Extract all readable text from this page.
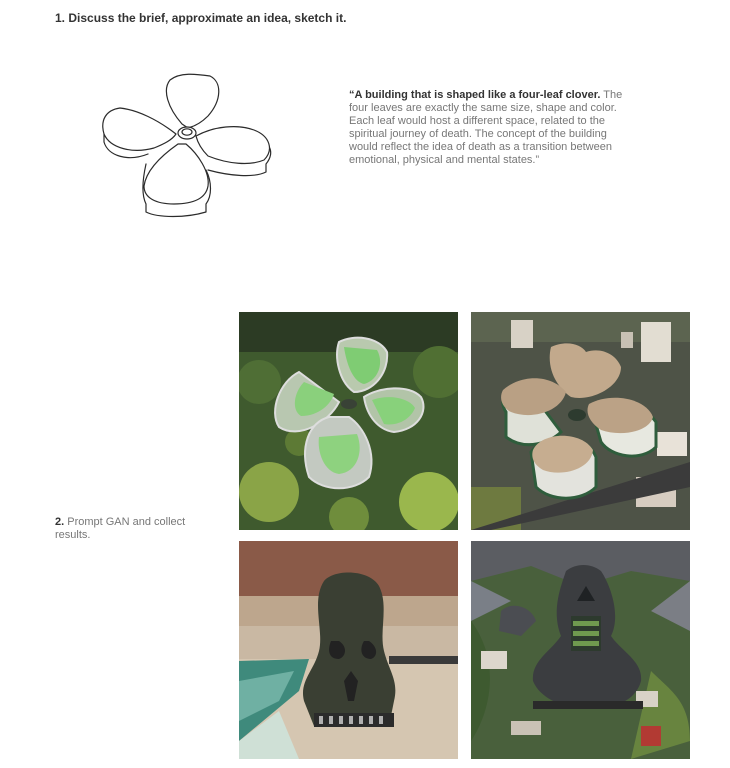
1. Discuss the brief, approximate an idea, sketch it.

“A building that is shaped like a four-leaf clover. The four leaves are exactly the same size, shape and color. Each leaf would host a different space, related to the spiritual journey of death. The concept of the building would reflect the idea of death as a transition between emotional, physical and mental states.”

2. Prompt GAN and collect results.
